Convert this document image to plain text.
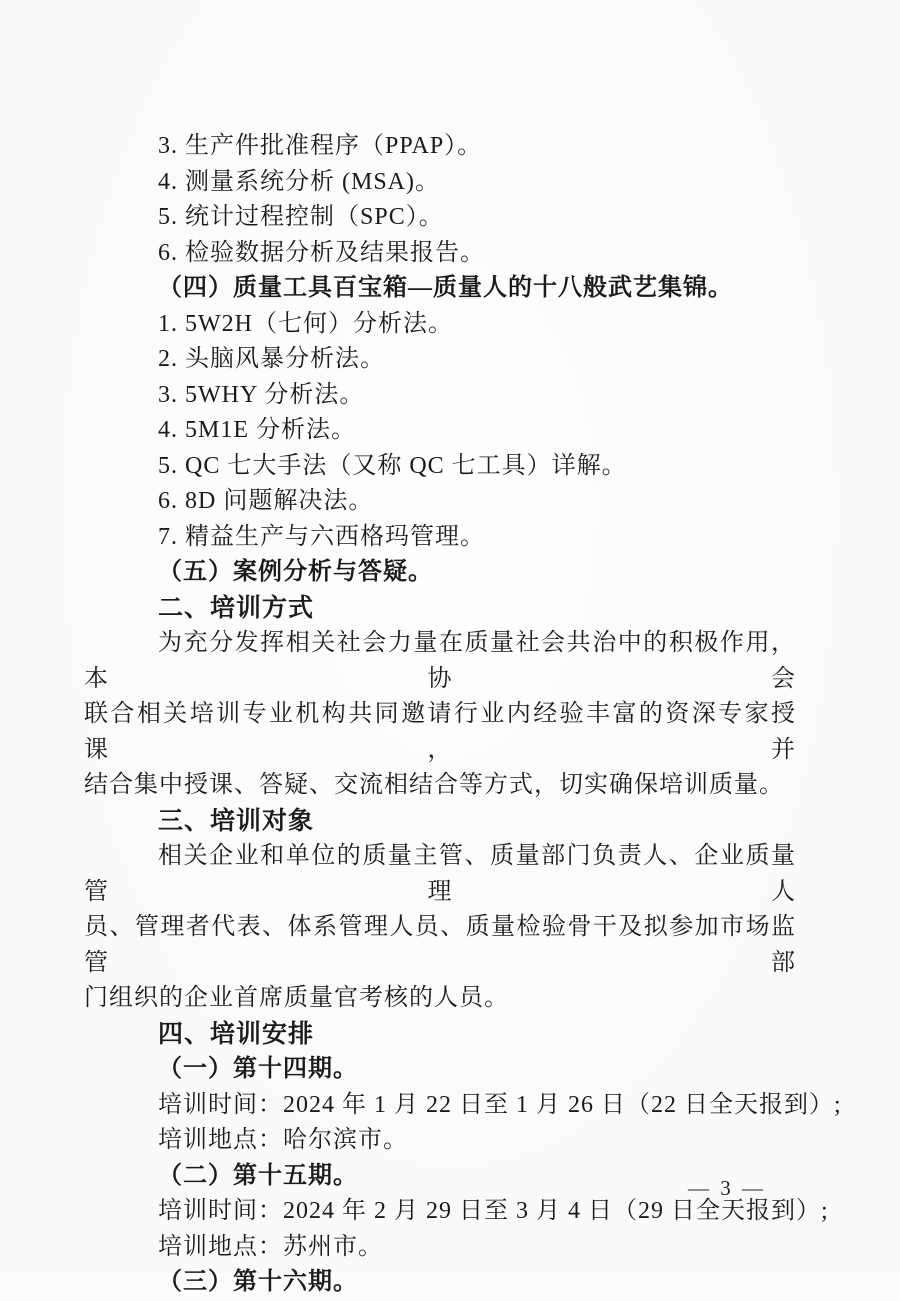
3. 生产件批准程序（PPAP）。
4. 测量系统分析 (MSA)。
5. 统计过程控制（SPC）。
6. 检验数据分析及结果报告。
（四）质量工具百宝箱—质量人的十八般武艺集锦。
1. 5W2H（七何）分析法。
2. 头脑风暴分析法。
3. 5WHY 分析法。
4. 5M1E 分析法。
5. QC 七大手法（又称 QC 七工具）详解。
6. 8D 问题解决法。
7. 精益生产与六西格玛管理。
（五）案例分析与答疑。
二、培训方式
为充分发挥相关社会力量在质量社会共治中的积极作用，本协会
联合相关培训专业机构共同邀请行业内经验丰富的资深专家授课，并
结合集中授课、答疑、交流相结合等方式，切实确保培训质量。
三、培训对象
相关企业和单位的质量主管、质量部门负责人、企业质量管理人
员、管理者代表、体系管理人员、质量检验骨干及拟参加市场监管部
门组织的企业首席质量官考核的人员。
四、培训安排
（一）第十四期。
培训时间：2024 年 1 月 22 日至 1 月 26 日（22 日全天报到）;
培训地点：哈尔滨市。
（二）第十五期。
培训时间：2024 年 2 月 29 日至 3 月 4 日（29 日全天报到）;
培训地点：苏州市。
（三）第十六期。
— 3 —
